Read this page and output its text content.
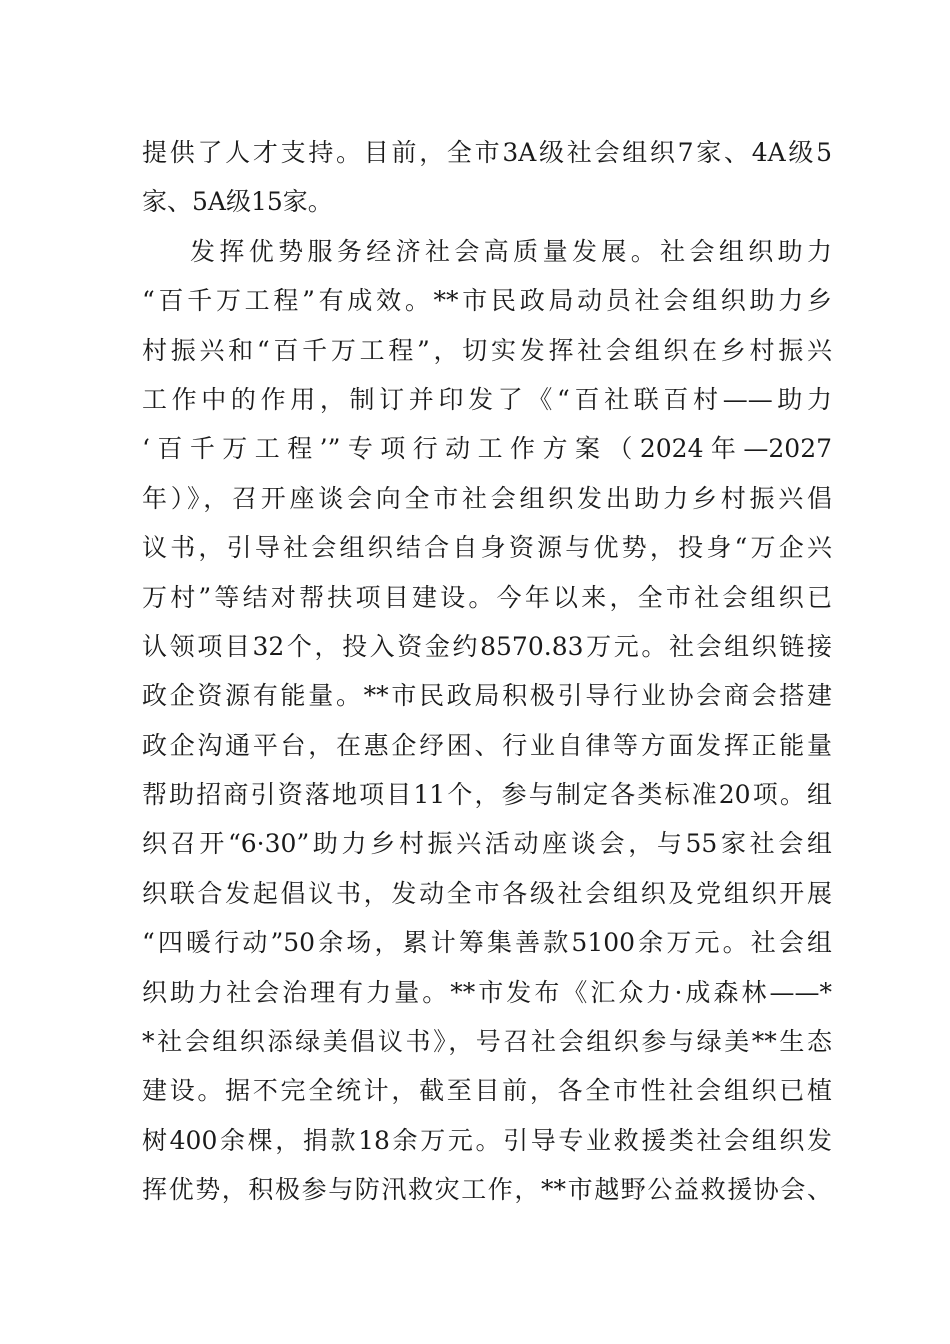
提供了人才支持。目前，全市3A级社会组织7家、4A级5
家、5A级15家。
发挥优势服务经济社会高质量发展。社会组织助力
“百千万工程”有成效。**市民政局动员社会组织助力乡
村振兴和“百千万工程”，切实发挥社会组织在乡村振兴
工作中的作用，制订并印发了《“百社联百村——助力
‘百千万工程’”专项行动工作方案（2024年—2027
年）》，召开座谈会向全市社会组织发出助力乡村振兴倡
议书，引导社会组织结合自身资源与优势，投身“万企兴
万村”等结对帮扶项目建设。今年以来，全市社会组织已
认领项目32个，投入资金约8570.83万元。社会组织链接
政企资源有能量。**市民政局积极引导行业协会商会搭建
政企沟通平台，在惠企纾困、行业自律等方面发挥正能量
帮助招商引资落地项目11个，参与制定各类标准20项。组
织召开“6·30”助力乡村振兴活动座谈会，与55家社会组
织联合发起倡议书，发动全市各级社会组织及党组织开展
“四暖行动”50余场，累计筹集善款5100余万元。社会组
织助力社会治理有力量。**市发布《汇众力·成森林——*
*社会组织添绿美倡议书》，号召社会组织参与绿美**生态
建设。据不完全统计，截至目前，各全市性社会组织已植
树400余棵，捐款18余万元。引导专业救援类社会组织发
挥优势，积极参与防汛救灾工作，**市越野公益救援协会、
